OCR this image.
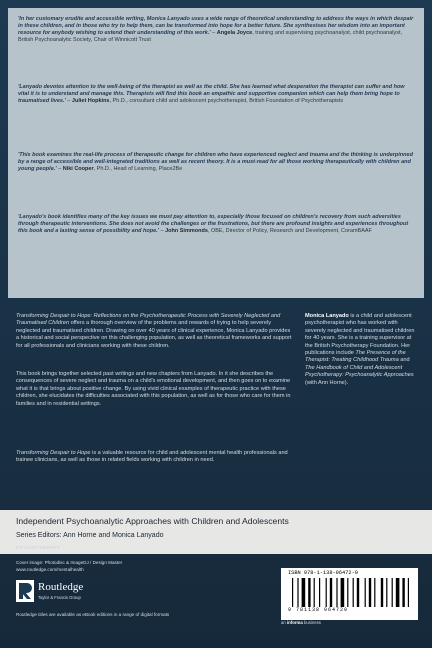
'In her customary erudite and accessible writing, Monica Lanyado uses a wide range of theoretical understanding to address the ways in which despair in these children, and in those who try to help them, can be transformed into hope for a better future. She synthesises her wisdom into an important resource for anybody wishing to extend their understanding of this work.' – Angela Joyce, training and supervising psychoanalyst, child psychoanalyst, British Psychoanalytic Society, Chair of Winnicott Trust
'Lanyado devotes attention to the well-being of the therapist as well as the child. She has learned what desperation the therapist can suffer and how vital it is to understand and manage this. Therapists will find this book an empathic and supportive companion which can help them bring hope to traumatised lives.' – Juliet Hopkins, Ph.D., consultant child and adolescent psychotherapist, British Foundation of Psychotherapists
'This book examines the real-life process of therapeutic change for children who have experienced neglect and trauma and the thinking is underpinned by a range of accessible and well-integrated traditions as well as recent theory. It is a must-read for all those working therapeutically with children and young people.' – Niki Cooper, Ph.D., Head of Learning, Place2Be
'Lanyado's book identifies many of the key issues we must pay attention to, especially those focused on children's recovery from such adversities through therapeutic interventions. She does not avoid the challenges or the frustrations, but there are profound insights and experiences throughout this book and a lasting sense of possibility and hope.' – John Simmonds, OBE, Director of Policy, Research and Development, CoramBAAF
Transforming Despair to Hope: Reflections on the Psychotherapeutic Process with Severely Neglected and Traumatised Children offers a thorough overview of the problems and rewards of trying to help severely neglected and traumatised children. Drawing on over 40 years of clinical experience, Monica Lanyado provides a historical and social perspective on this challenging population, as well as theoretical frameworks and support for all professionals and clinicians working with these children.
This book brings together selected past writings and new chapters from Lanyado. In it she describes the consequences of severe neglect and trauma on a child's emotional development, and then goes on to examine what it is that brings about positive change. By using vivid clinical examples of therapeutic practice with these children, she elucidates the difficulties associated with this population, as well as for those who care for them in families and in residential settings.
Transforming Despair to Hope is a valuable resource for child and adolescent mental health professionals and trainee clinicians, as well as those in related fields working with children in need.
Monica Lanyado is a child and adolescent psychotherapist who has worked with severely neglected and traumatised children for 40 years. She is a training supervisor at the British Psychotherapy Foundation. Her publications include The Presence of the Therapist: Treating Childhood Trauma and The Handbook of Child and Adolescent Psychotherapy: Psychoanalytic Approaches (with Ann Horne).
Independent Psychoanalytic Approaches with Children and Adolescents
Series Editors: Ann Horne and Monica Lanyado
PSYCHOTHERAPY
Cover image: Photodisc & ImageDJ / Design Master
www.routledge.com/mentalhealth
Routledge
Taylor & Francis Group
Routledge titles are available as eBook editions in a range of digital formats
ISBN 978-1-138-06472-0
9 781138 064720
an informa business
